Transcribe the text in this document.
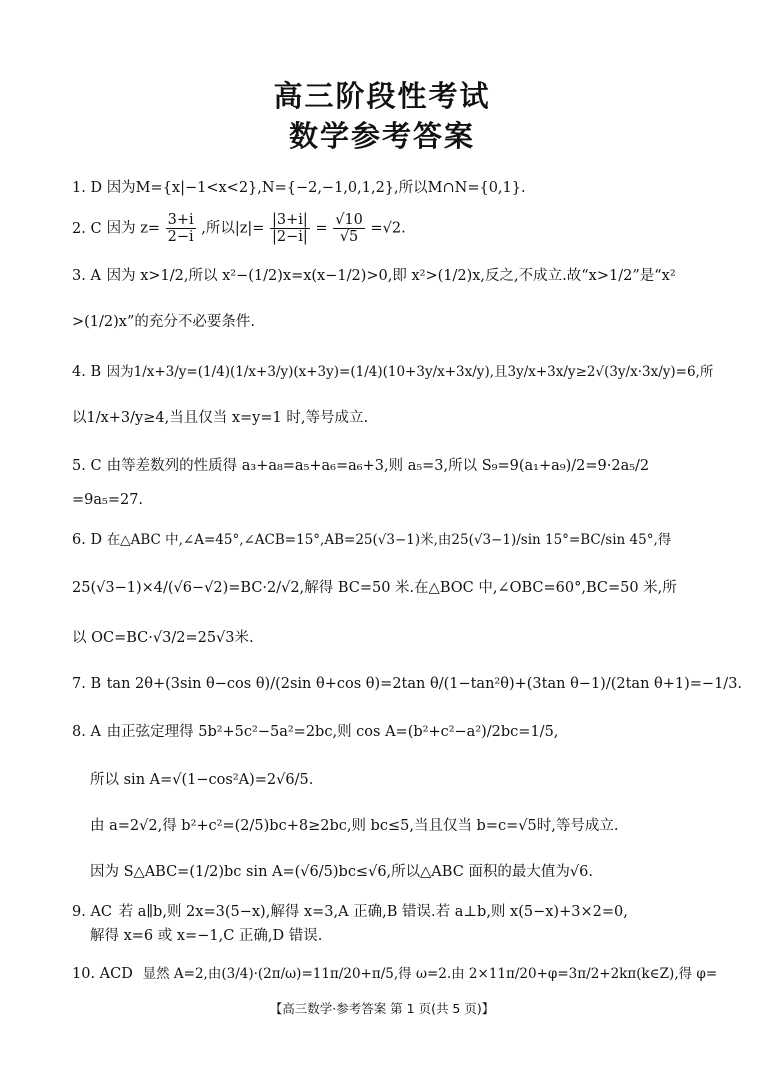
高三阶段性考试
数学参考答案
1. D 因为M={x|−1<x<2},N={−2,−1,0,1,2},所以M∩N={0,1}.
2. C 因为 $z= \frac{3+i}{2-i}$ ,所以$|z|= \frac{|3+i|}{|2-i|} = \frac{√10}{√5} =√2$.
3. A 因为 x>1/2,所以 x²−(1/2)x=x(x−1/2)>0,即 x²>(1/2)x,反之,不成立.故“x>1/2”是“x²
>(1/2)x”的充分不必要条件.
4. B 因为1/x+3/y=(1/4)(1/x+3/y)(x+3y)=(1/4)(10+3y/x+3x/y),且3y/x+3x/y≥2√(3y/x·3x/y)=6,所
以1/x+3/y≥4,当且仅当 x=y=1 时,等号成立.
5. C 由等差数列的性质得 a₃+a₈=a₅+a₆=a₆+3,则 a₅=3,所以 S₉=9(a₁+a₉)/2=9·2a₅/2
=9a₅=27.
6. D 在△ABC 中,∠A=45°,∠ACB=15°,AB=25(√3−1)米,由25(√3−1)/sin 15°=BC/sin 45°,得
25(√3−1)×4/(√6−√2)=BC·2/√2,解得 BC=50 米.在△BOC 中,∠OBC=60°,BC=50 米,所
以 OC=BC·√3/2=25√3米.
7. B tan 2θ+(3sin θ−cos θ)/(2sin θ+cos θ)=2tan θ/(1−tan²θ)+(3tan θ−1)/(2tan θ+1)=−1/3.
8. A 由正弦定理得 5b²+5c²−5a²=2bc,则 cos A=(b²+c²−a²)/2bc=1/5,
所以 sin A=√(1−cos²A)=2√6/5.
由 a=2√2,得 b²+c²=(2/5)bc+8≥2bc,则 bc≤5,当且仅当 b=c=√5时,等号成立.
因为 S△ABC=(1/2)bc sin A=(√6/5)bc≤√6,所以△ABC 面积的最大值为√6.
9. AC 若 a∥b,则 2x=3(5−x),解得 x=3,A 正确,B 错误.若 a⊥b,则 x(5−x)+3×2=0,
解得 x=6 或 x=−1,C 正确,D 错误.
10. ACD 显然 A=2,由(3/4)·(2π/ω)=11π/20+π/5,得 ω=2.由 2×11π/20+φ=3π/2+2kπ(k∈Z),得 φ=
【高三数学·参考答案 第 1 页(共 5 页)】
